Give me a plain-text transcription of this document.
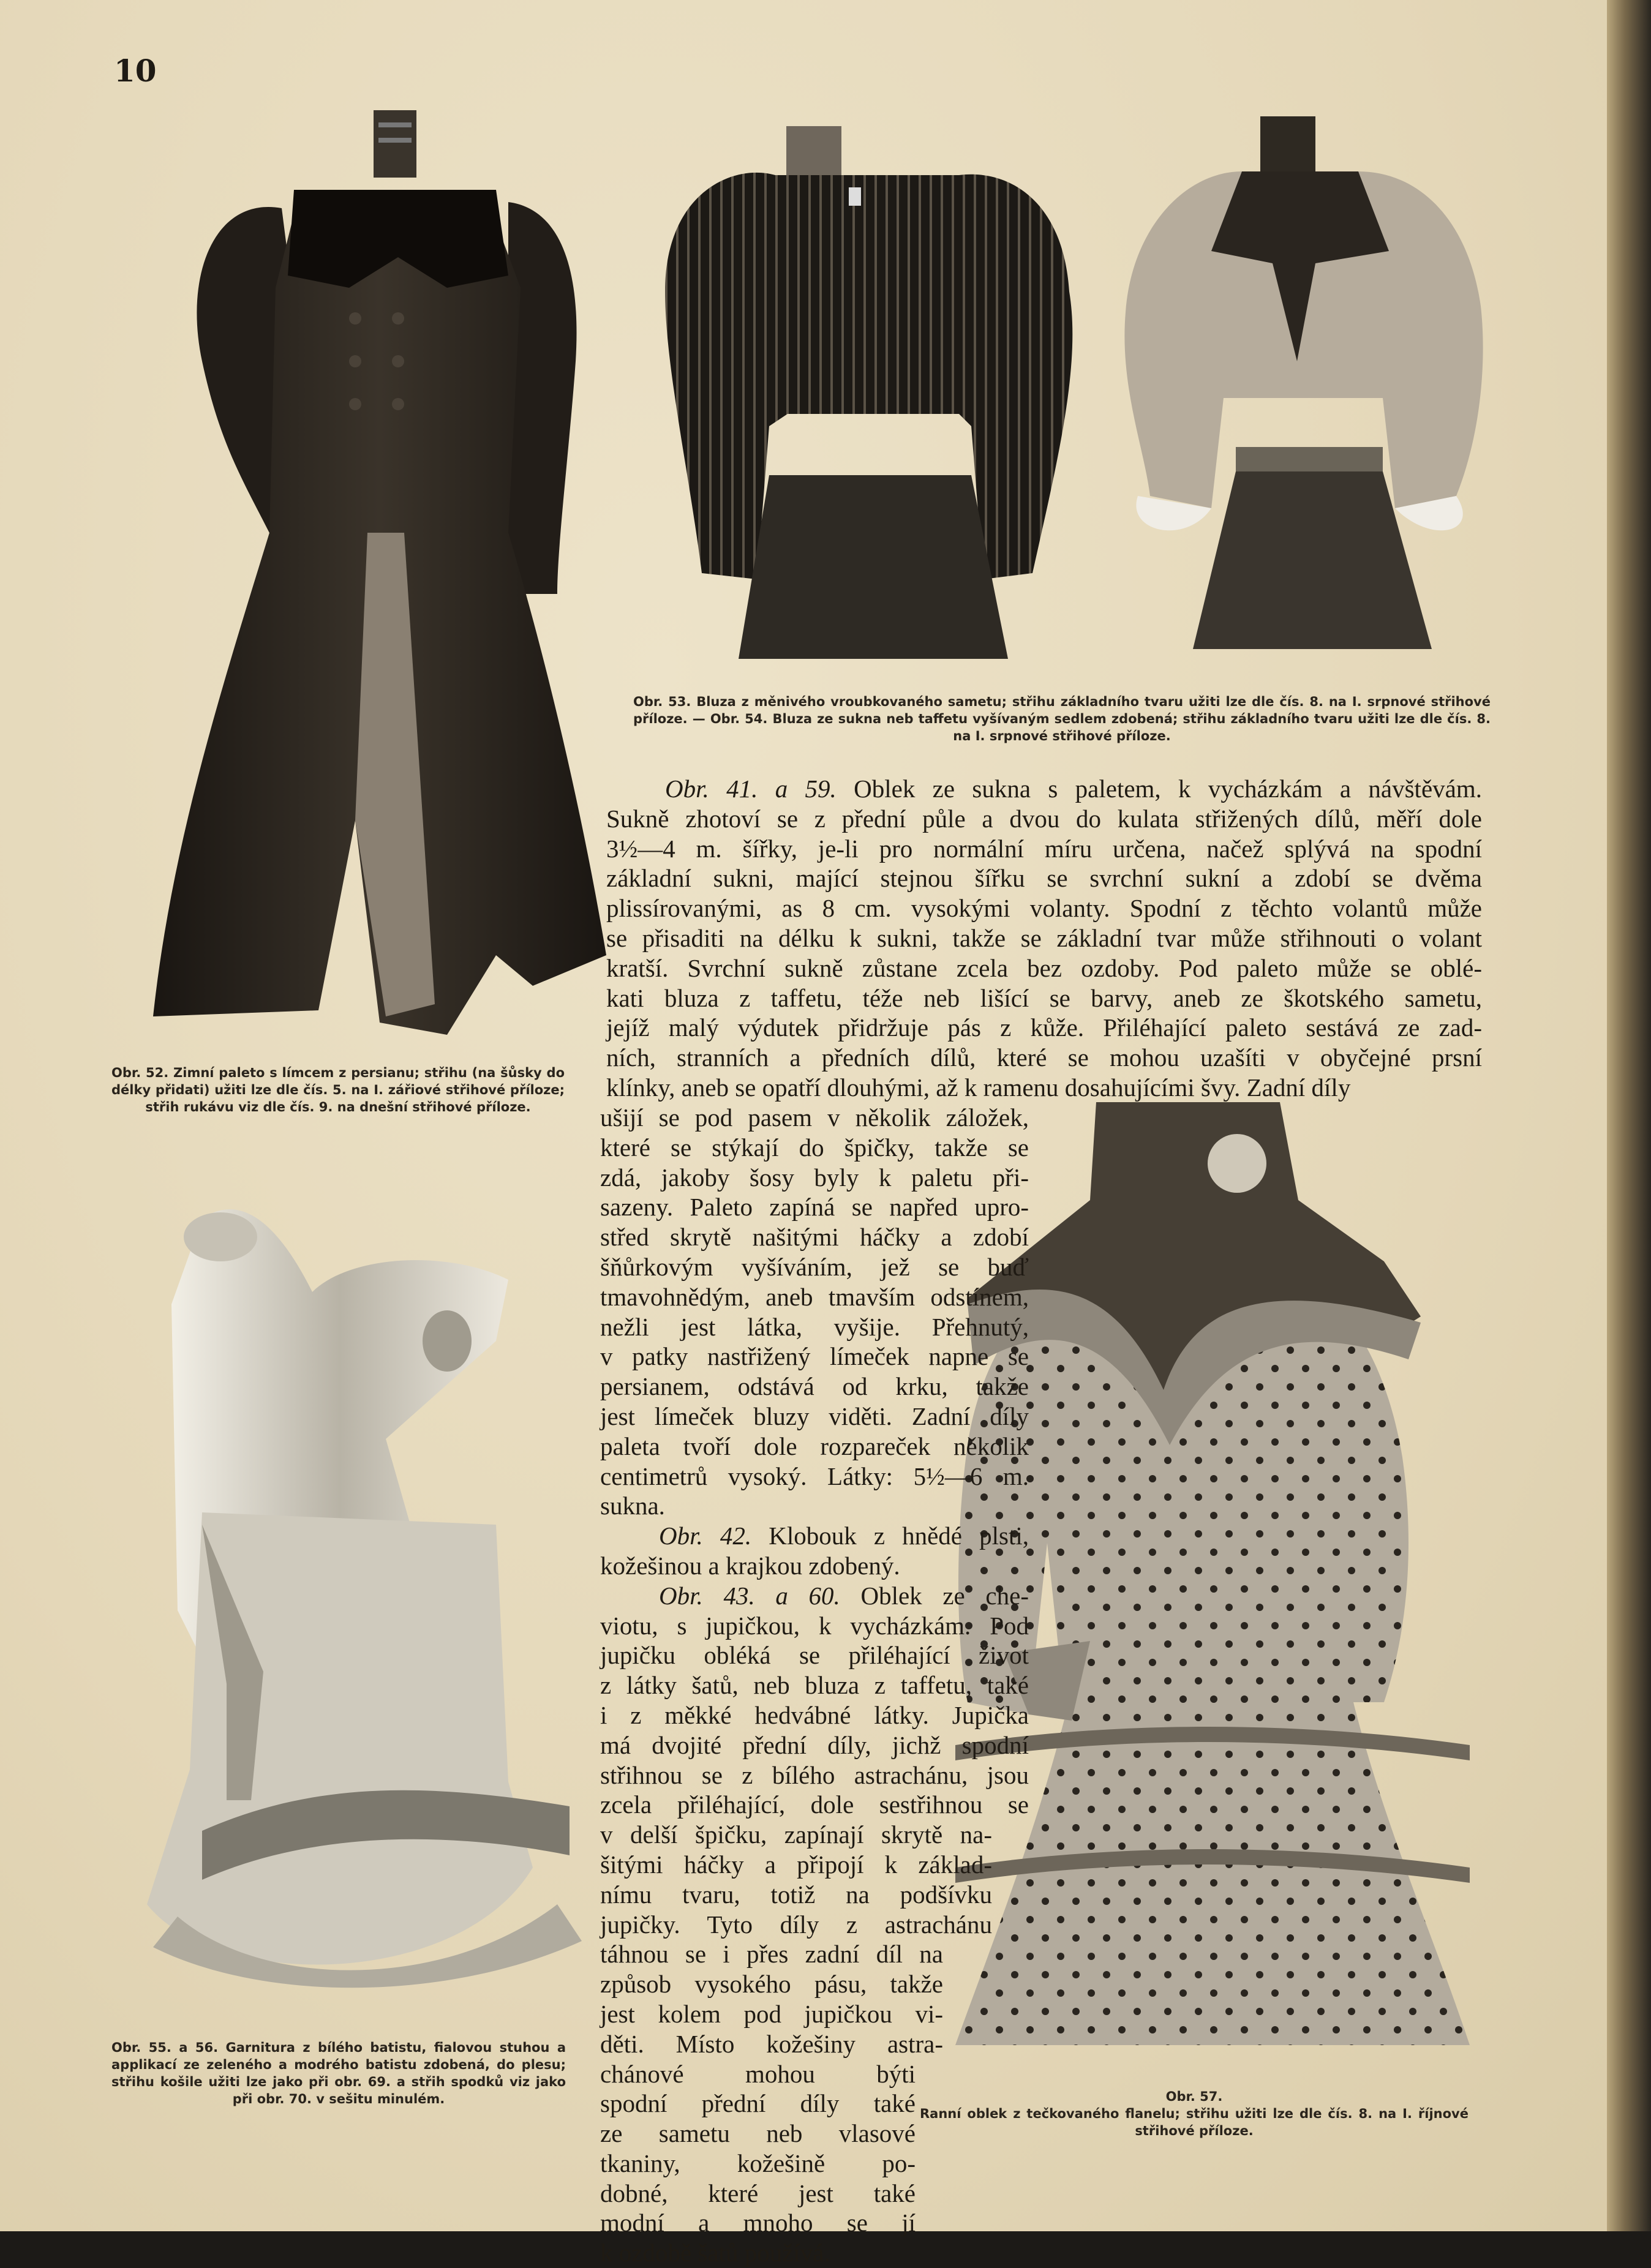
10
Obr. 52. Zimní paleto s límcem z persianu; střihu (na šůsky do délky přidati) užiti lze dle čís. 5. na I. zářiové střihové příloze; střih rukávu viz dle čís. 9. na dnešní střihové příloze.
Obr. 53. Bluza z měnivého vroubkovaného sametu; střihu základního tvaru užiti lze dle čís. 8. na I. srpnové střihové příloze. — Obr. 54. Bluza ze sukna neb taffetu vyšívaným sedlem zdobená; střihu základního tvaru užiti lze dle čís. 8. na I. srpnové střihové příloze.
Obr. 55. a 56. Garnitura z bílého batistu, fialovou stuhou a applikací ze zeleného a modrého batistu zdobená, do plesu; střihu košile užiti lze jako při obr. 69. a střih spodků viz jako při obr. 70. v sešitu minulém.	Obr. 57.
Ranní oblek z tečkovaného flanelu; střihu užiti lze dle čís. 8. na I. říjnové střihové příloze.
Obr. 41. a 59. Oblek ze sukna s paletem, k vycházkám a návštěvám.
Sukně zhotoví se z přední půle a dvou do kulata střižených dílů, měří dole
3½—4 m. šířky, je-li pro normální míru určena, načež splývá na spodní
základní sukni, mající stejnou šířku se svrchní sukní a zdobí se dvěma
plissírovanými, as 8 cm. vysokými volanty. Spodní z těchto volantů může
se přisaditi na délku k sukni, takže se základní tvar může střihnouti o volant
kratší. Svrchní sukně zůstane zcela bez ozdoby. Pod paleto může se oblé-
kati bluza z taffetu, téže neb lišící se barvy, aneb ze škotského sametu,
jejíž malý výdutek přidržuje pás z kůže. Přiléhající paleto sestává ze zad-
ních, stranních a předních dílů, které se mohou uzašíti v obyčejné prsní
klínky, aneb se opatří dlouhými, až k ramenu dosahujícími švy. Zadní díly
ušijí se pod pasem v několik záložek,
které se stýkají do špičky, takže se
zdá, jakoby šosy byly k paletu při-
sazeny. Paleto zapíná se napřed upro-
střed skrytě našitými háčky a zdobí
šňůrkovým vyšíváním, jež se buď
tmavohnědým, aneb tmavším odstínem,
nežli jest látka, vyšije. Přehnutý,
v patky nastřižený límeček napne se
persianem, odstává od krku, takže
jest límeček bluzy viděti. Zadní díly
paleta tvoří dole rozpareček několik
centimetrů vysoký. Látky: 5½—6 m.
sukna.
Obr. 42. Klobouk z hnědé plsti,
kožešinou a krajkou zdobený.
Obr. 43. a 60. Oblek ze che-
viotu, s jupičkou, k vycházkám. Pod
jupičku obléká se přiléhající život
z látky šatů, neb bluza z taffetu, také
i z měkké hedvábné látky. Jupička
má dvojité přední díly, jichž spodní
střihnou se z bílého astrachánu, jsou
zcela přiléhající, dole sestřihnou se
v delší špičku, zapínají skrytě na-
šitými háčky a připojí k základ-
nímu tvaru, totiž na podšívku
jupičky. Tyto díly z astrachánu
táhnou se i přes zadní díl na
způsob vysokého pásu, takže
jest kolem pod jupičkou vi-
děti. Místo kožešiny astra-
chánové mohou býti
spodní přední díly také
ze sametu neb vlasové
tkaniny, kožešině po-
dobné, které jest také
modní a mnoho se jí
k ozdobě šatů používá.
